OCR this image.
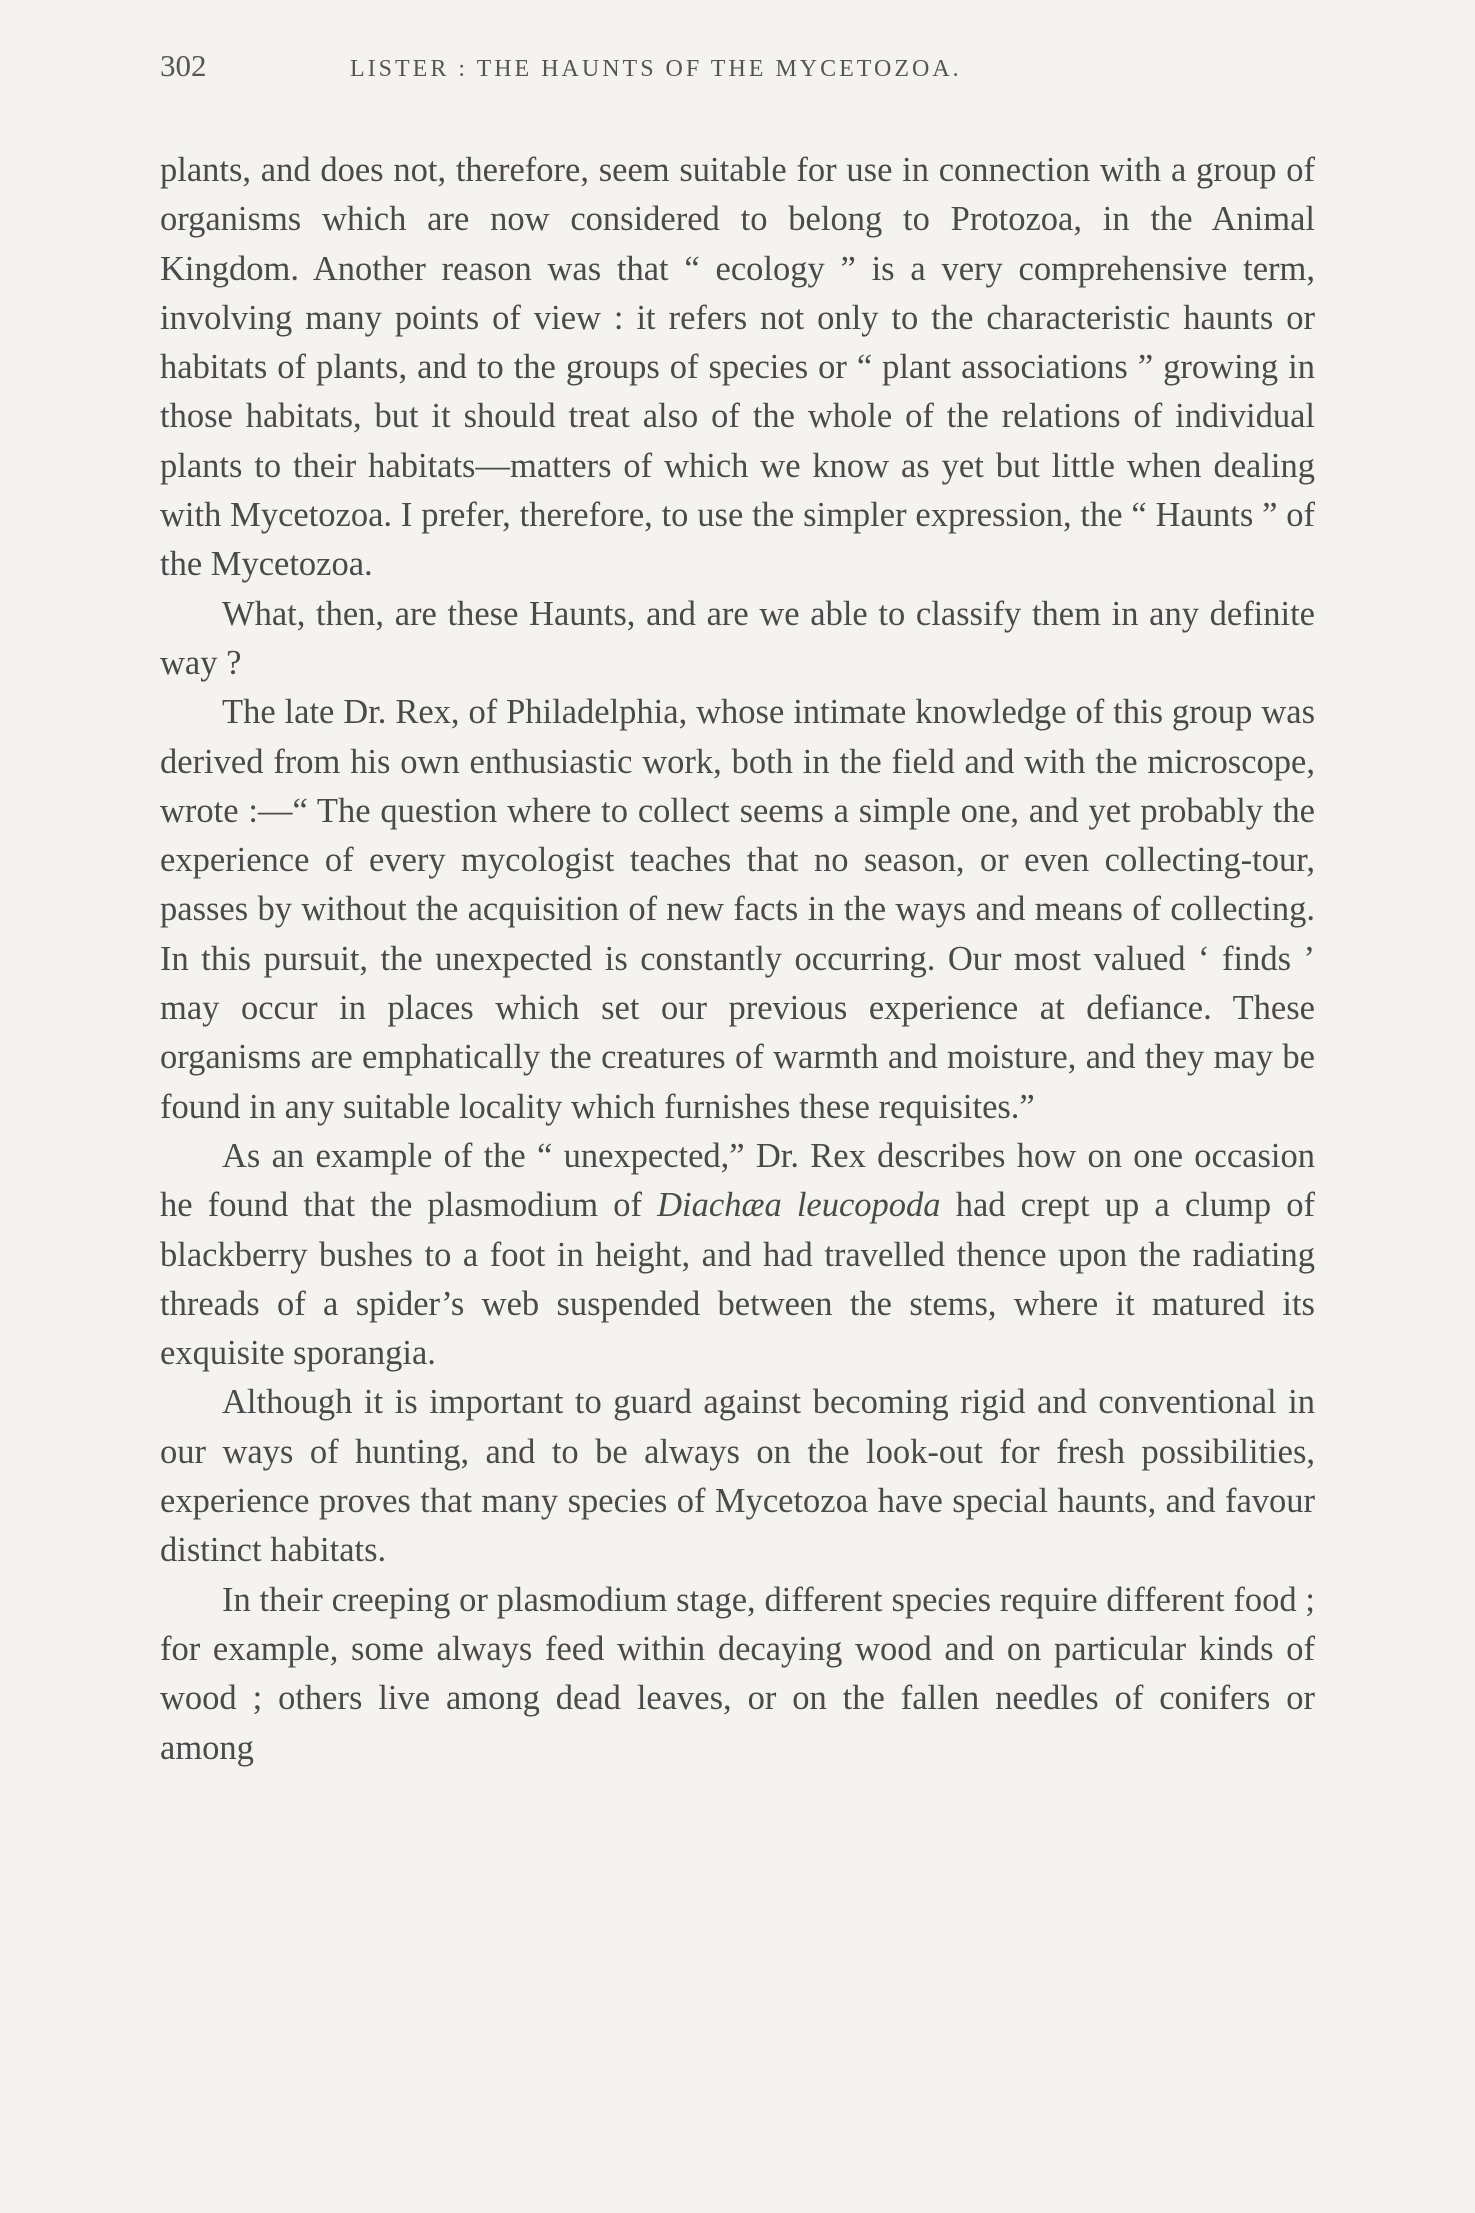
302	LISTER : THE HAUNTS OF THE MYCETOZOA.

plants, and does not, therefore, seem suitable for use in connection with a group of organisms which are now considered to belong to Protozoa, in the Animal Kingdom. Another reason was that “ ecology ” is a very comprehensive term, involving many points of view : it refers not only to the characteristic haunts or habitats of plants, and to the groups of species or “ plant associations ” growing in those habitats, but it should treat also of the whole of the relations of individual plants to their habitats—matters of which we know as yet but little when dealing with Mycetozoa. I prefer, therefore, to use the simpler expression, the “ Haunts ” of the Mycetozoa.

What, then, are these Haunts, and are we able to classify them in any definite way ?

The late Dr. Rex, of Philadelphia, whose intimate knowledge of this group was derived from his own enthusiastic work, both in the field and with the microscope, wrote :—“ The question where to collect seems a simple one, and yet probably the experience of every mycologist teaches that no season, or even collecting-tour, passes by without the acquisition of new facts in the ways and means of collecting. In this pursuit, the unexpected is constantly occurring. Our most valued ‘ finds ’ may occur in places which set our previous experience at defiance. These organisms are emphatically the creatures of warmth and moisture, and they may be found in any suitable locality which furnishes these requisites.”

As an example of the “ unexpected,” Dr. Rex describes how on one occasion he found that the plasmodium of Diachæa leucopoda had crept up a clump of blackberry bushes to a foot in height, and had travelled thence upon the radiating threads of a spider’s web suspended between the stems, where it matured its exquisite sporangia.

Although it is important to guard against becoming rigid and conventional in our ways of hunting, and to be always on the look-out for fresh possibilities, experience proves that many species of Mycetozoa have special haunts, and favour distinct habitats.

In their creeping or plasmodium stage, different species require different food ; for example, some always feed within decaying wood and on particular kinds of wood ; others live among dead leaves, or on the fallen needles of conifers or among
